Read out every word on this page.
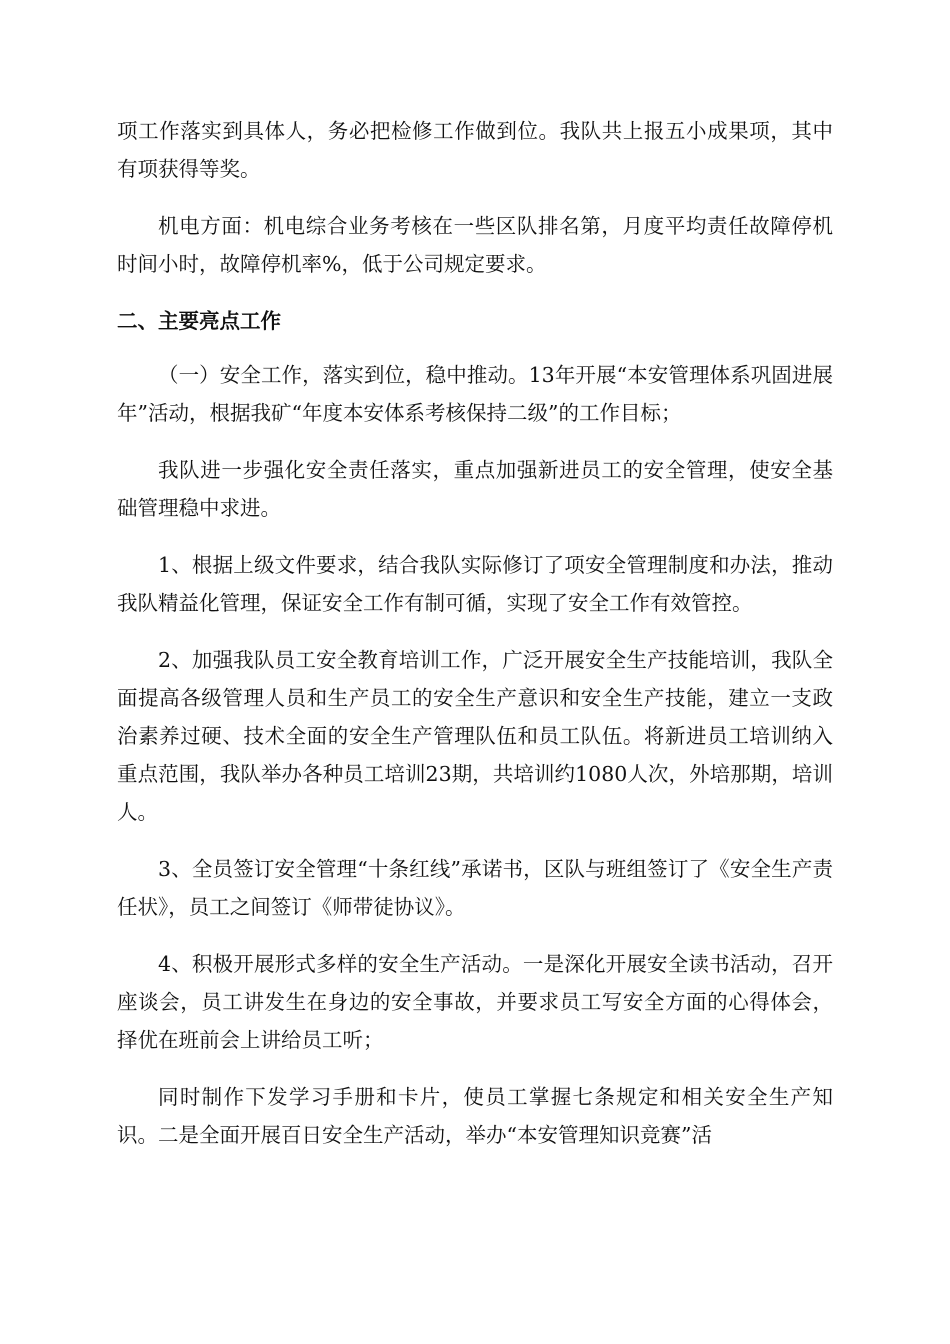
项工作落实到具体人，务必把检修工作做到位。我队共上报五小成果项，其中有项获得等奖。

机电方面：机电综合业务考核在一些区队排名第，月度平均责任故障停机时间小时，故障停机率%，低于公司规定要求。

二、主要亮点工作

（一）安全工作，落实到位，稳中推动。13年开展“本安管理体系巩固进展年”活动，根据我矿“年度本安体系考核保持二级”的工作目标；

我队进一步强化安全责任落实，重点加强新进员工的安全管理，使安全基础管理稳中求进。

1、根据上级文件要求，结合我队实际修订了项安全管理制度和办法，推动我队精益化管理，保证安全工作有制可循，实现了安全工作有效管控。

2、加强我队员工安全教育培训工作，广泛开展安全生产技能培训，我队全面提高各级管理人员和生产员工的安全生产意识和安全生产技能，建立一支政治素养过硬、技术全面的安全生产管理队伍和员工队伍。将新进员工培训纳入重点范围，我队举办各种员工培训23期，共培训约1080人次，外培那期，培训人。

3、全员签订安全管理“十条红线”承诺书，区队与班组签订了《安全生产责任状》，员工之间签订《师带徒协议》。

4、积极开展形式多样的安全生产活动。一是深化开展安全读书活动，召开座谈会，员工讲发生在身边的安全事故，并要求员工写安全方面的心得体会，择优在班前会上讲给员工听；

同时制作下发学习手册和卡片，使员工掌握七条规定和相关安全生产知识。二是全面开展百日安全生产活动，举办“本安管理知识竞赛”活
